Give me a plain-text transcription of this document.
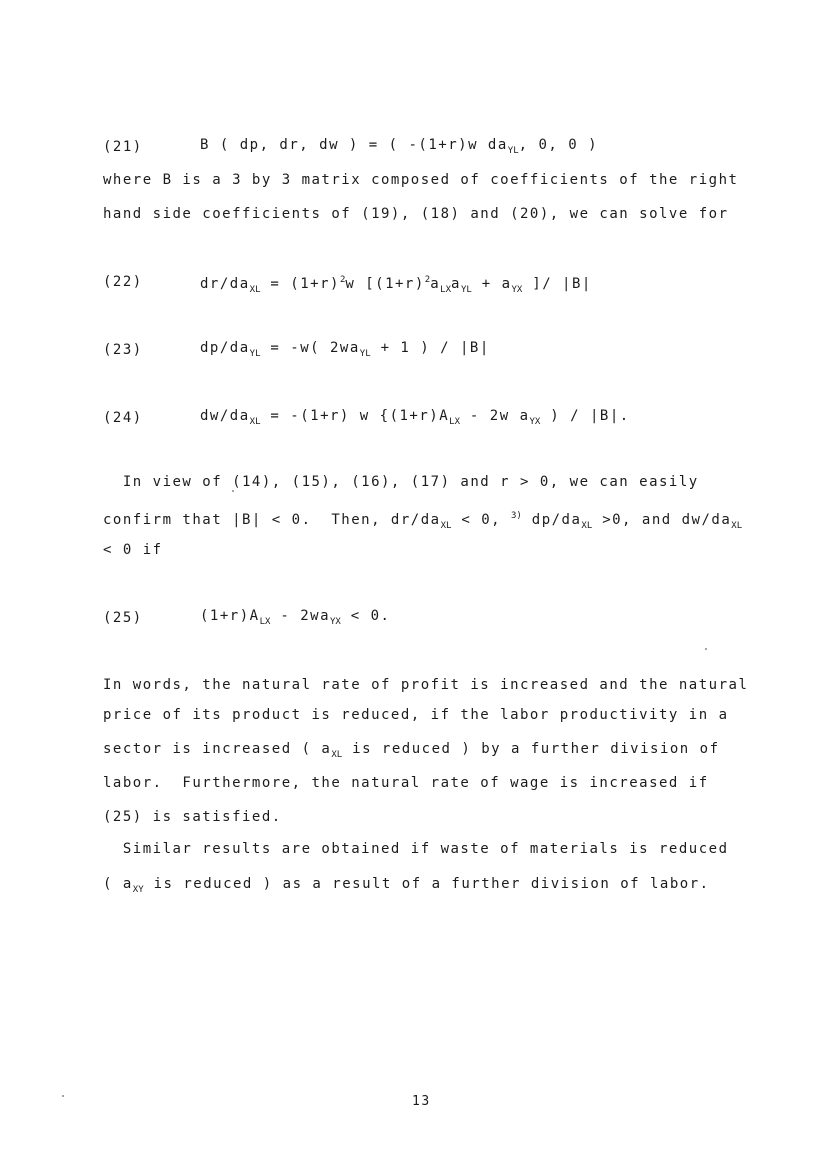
(21)	B ( dp, dr, dw ) = ( -(1+r)w $da_{YL}$, 0, 0 )
where B is a 3 by 3 matrix composed of coefficients of the right
hand side coefficients of (19), (18) and (20), we can solve for
(22)	$dr/da_{XL} = (1+r)^2w$ [$(1+r)^2a_{LX}a_{YL} + a_{YX}$ ]/ |B|
(23)	$dp/da_{YL} = -w$( $2wa_{YL} + 1$ ) / |B|
(24)	$dw/da_{XL} = -(1+r)$ w {$(1+r)A_{LX} - 2w$ $a_{YX}$ ) / |B|.
In view of (14), (15), (16), (17) and r > 0, we can easily
confirm that |B| < 0.  Then, $dr/da_{XL} < 0$, $^{3)}$ $dp/da_{XL} >0$, and $dw/da_{XL}$
< 0 if
(25)	$(1+r)A_{LX} - 2wa_{YX} < 0$.
In words, the natural rate of profit is increased and the natural
price of its product is reduced, if the labor productivity in a
sector is increased ( $a_{XL}$ is reduced ) by a further division of
labor.  Furthermore, the natural rate of wage is increased if
(25) is satisfied.
Similar results are obtained if waste of materials is reduced
( $a_{XY}$ is reduced ) as a result of a further division of labor.
13
